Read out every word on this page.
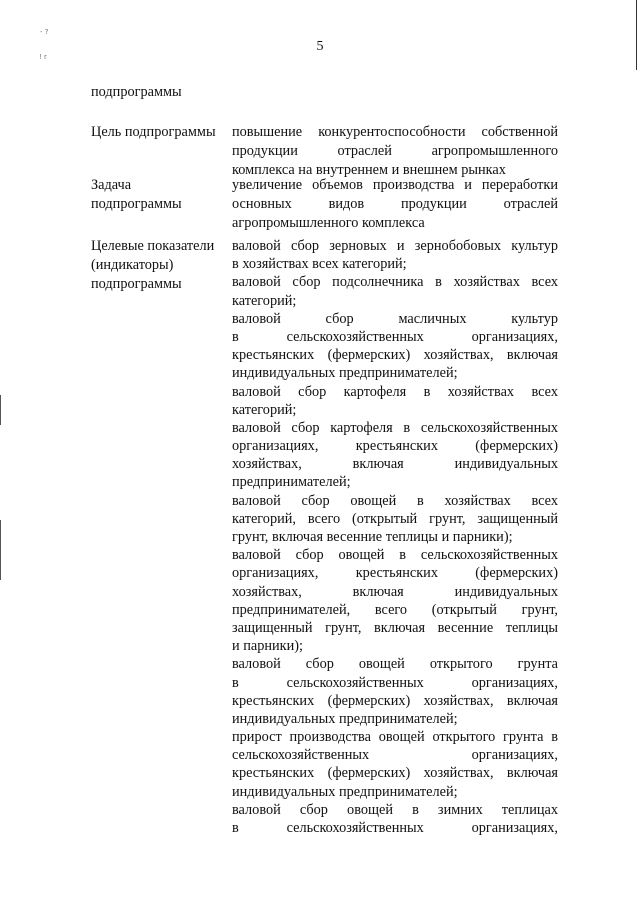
5
- ?
! r
подпрограммы
Цель подпрограммы	повышение конкурентоспособности собственной
продукции отраслей агропромышленного
комплекса на внутреннем и внешнем рынках
Задача
подпрограммы
увеличение объемов производства и переработки
основных видов продукции отраслей
агропромышленного комплекса
Целевые показатели
(индикаторы)
подпрограммы
валовой сбор зерновых и зернобобовых культур
в хозяйствах всех категорий;
валовой сбор подсолнечника в хозяйствах всех
категорий;
валовой сбор масличных культур
в сельскохозяйственных организациях,
крестьянских (фермерских) хозяйствах, включая
индивидуальных предпринимателей;
валовой сбор картофеля в хозяйствах всех
категорий;
валовой сбор картофеля в сельскохозяйственных
организациях, крестьянских (фермерских)
хозяйствах, включая индивидуальных
предпринимателей;
валовой сбор овощей в хозяйствах всех
категорий, всего (открытый грунт, защищенный
грунт, включая весенние теплицы и парники);
валовой сбор овощей в сельскохозяйственных
организациях, крестьянских (фермерских)
хозяйствах, включая индивидуальных
предпринимателей, всего (открытый грунт,
защищенный грунт, включая весенние теплицы
и парники);
валовой сбор овощей открытого грунта
в сельскохозяйственных организациях,
крестьянских (фермерских) хозяйствах, включая
индивидуальных предпринимателей;
прирост производства овощей открытого грунта в
сельскохозяйственных организациях,
крестьянских (фермерских) хозяйствах, включая
индивидуальных предпринимателей;
валовой сбор овощей в зимних теплицах
в сельскохозяйственных организациях,
